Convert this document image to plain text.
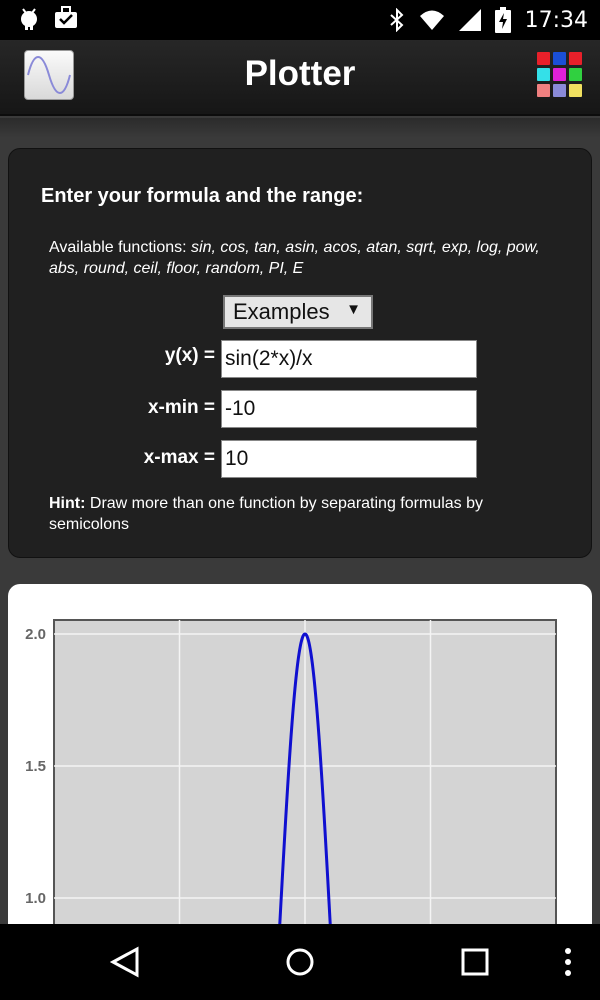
17:34
Plotter
Enter your formula and the range:
Available functions: sin, cos, tan, asin, acos, atan, sqrt, exp, log, pow, abs, round, ceil, floor, random, PI, E
Examples ▼
y(x) =
sin(2*x)/x
x-min =
-10
x-max =
10
Hint: Draw more than one function by separating formulas by semicolons
2.0
1.5
1.0
